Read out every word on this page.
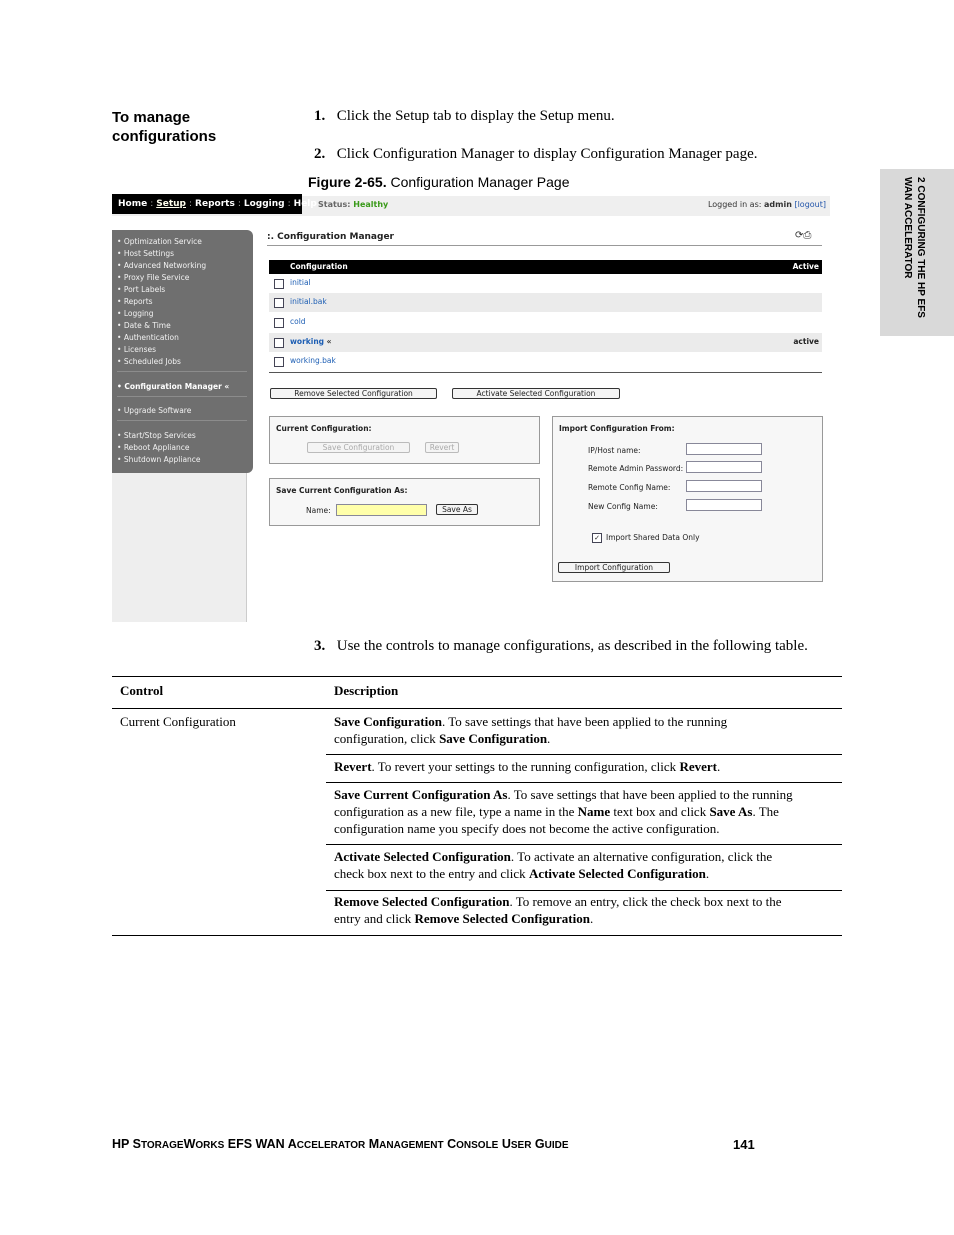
2 CONFIGURING THE HP EFS
WAN ACCELERATOR
To manage
configurations
1. Click the Setup tab to display the Setup menu.
2. Click Configuration Manager to display Configuration Manager page.
Figure 2-65. Configuration Manager Page
Home : Setup : Reports : Logging : Help Status: Healthy	Logged in as: admin [logout]
• Optimization Service
• Host Settings
• Advanced Networking
• Proxy File Service
• Port Labels
• Reports
• Logging
• Date & Time
• Authentication
• Licenses
• Scheduled Jobs
• Configuration Manager «
• Upgrade Software
• Start/Stop Services
• Reboot Appliance
• Shutdown Appliance
:. Configuration Manager	⟳⎙
Configuration	Active
initial
initial.bak
cold
working «	active
working.bak
Remove Selected Configuration	Activate Selected Configuration
Current Configuration:
Save Configuration	Revert
Save Current Configuration As:
Name:	Save As
Import Configuration From:
IP/Host name:
Remote Admin Password:
Remote Config Name:
New Config Name:
✓ Import Shared Data Only
Import Configuration
3. Use the controls to manage configurations, as described in the following table.
Control	Description
Current Configuration	Save Configuration. To save settings that have been applied to the running
configuration, click Save Configuration.
Revert. To revert your settings to the running configuration, click Revert.
Save Current Configuration As. To save settings that have been applied to the running
configuration as a new file, type a name in the Name text box and click Save As. The
configuration name you specify does not become the active configuration.
Activate Selected Configuration. To activate an alternative configuration, click the
check box next to the entry and click Activate Selected Configuration.
Remove Selected Configuration. To remove an entry, click the check box next to the
entry and click Remove Selected Configuration.
HP STORAGEWORKS EFS WAN ACCELERATOR MANAGEMENT CONSOLE USER GUIDE	141
